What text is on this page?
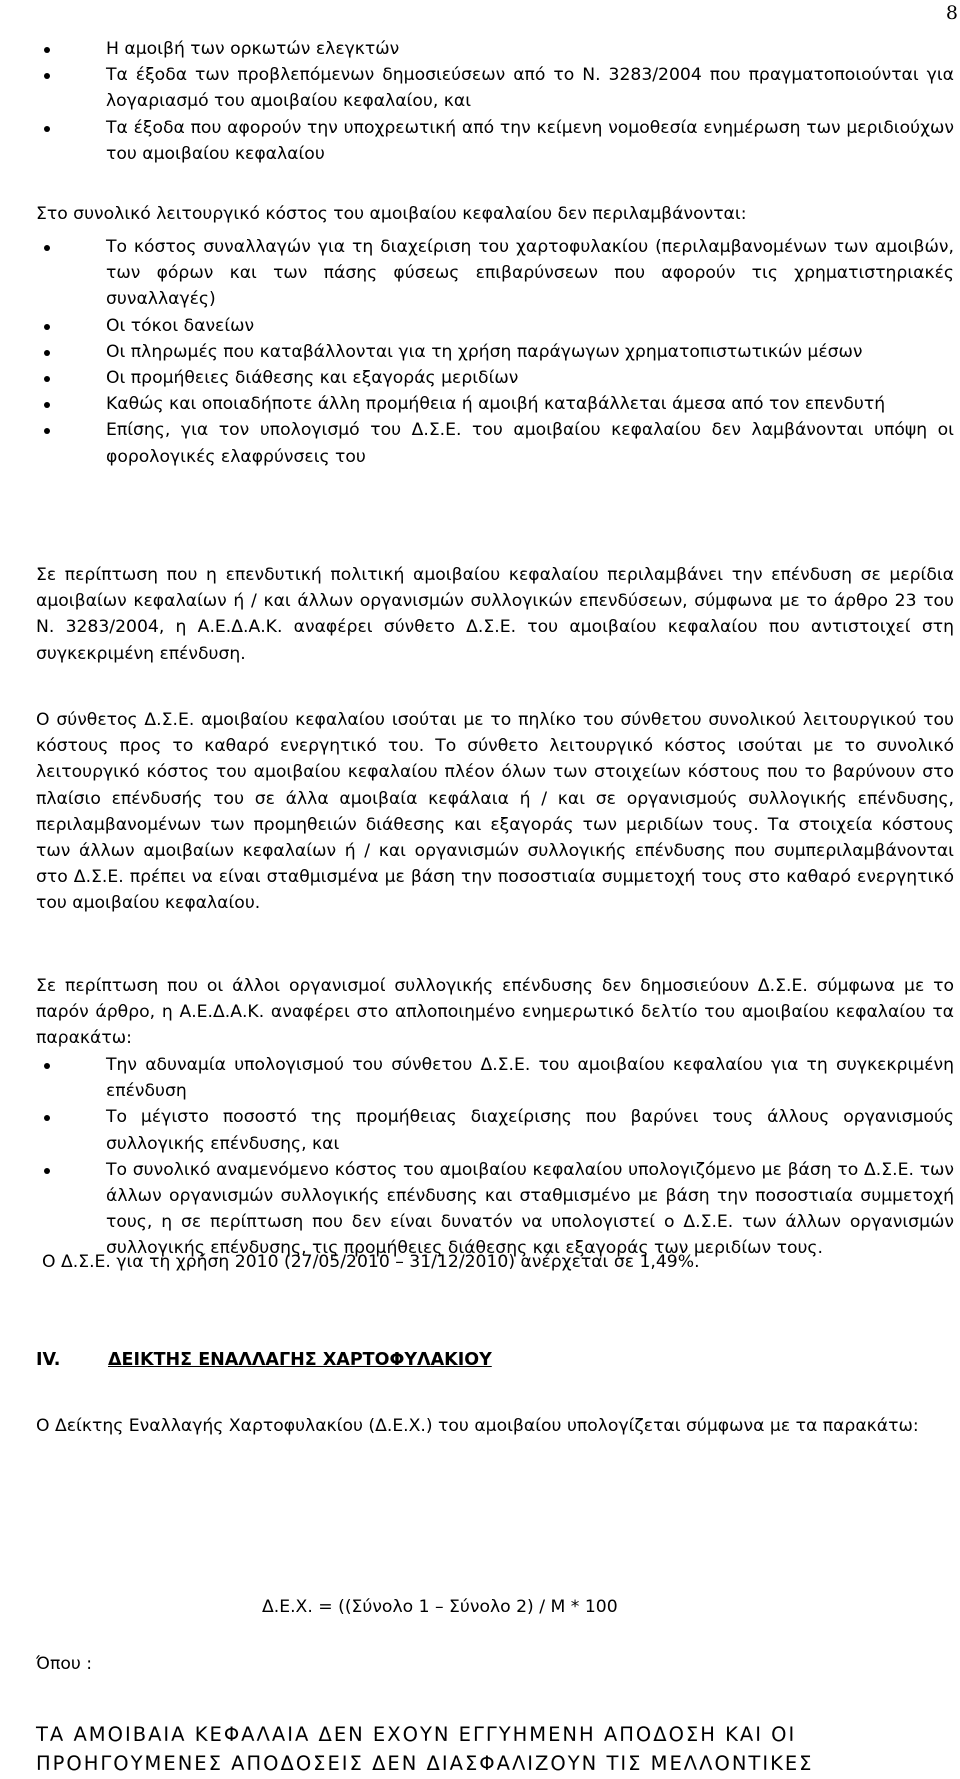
8
Η αμοιβή των ορκωτών ελεγκτών
Τα έξοδα των προβλεπόμενων δημοσιεύσεων από το Ν. 3283/2004 που πραγματοποιούνται για λογαριασμό του αμοιβαίου κεφαλαίου, και
Τα έξοδα που αφορούν την υποχρεωτική από την κείμενη νομοθεσία ενημέρωση των μεριδιούχων του αμοιβαίου κεφαλαίου
Στο συνολικό λειτουργικό κόστος του αμοιβαίου κεφαλαίου δεν περιλαμβάνονται:
Το κόστος συναλλαγών για τη διαχείριση του χαρτοφυλακίου (περιλαμβανομένων των αμοιβών, των φόρων και των πάσης φύσεως επιβαρύνσεων που αφορούν τις χρηματιστηριακές συναλλαγές)
Οι τόκοι δανείων
Οι πληρωμές που καταβάλλονται για τη χρήση παράγωγων χρηματοπιστωτικών μέσων
Οι προμήθειες διάθεσης και εξαγοράς μεριδίων
Καθώς και οποιαδήποτε άλλη προμήθεια ή αμοιβή καταβάλλεται άμεσα από τον επενδυτή
Επίσης, για τον υπολογισμό του Δ.Σ.Ε. του αμοιβαίου κεφαλαίου δεν λαμβάνονται υπόψη οι φορολογικές ελαφρύνσεις του
Σε περίπτωση που η επενδυτική πολιτική αμοιβαίου κεφαλαίου περιλαμβάνει την επένδυση σε μερίδια αμοιβαίων κεφαλαίων ή / και άλλων οργανισμών συλλογικών επενδύσεων, σύμφωνα με το άρθρο 23 του Ν. 3283/2004, η Α.Ε.Δ.Α.Κ. αναφέρει σύνθετο Δ.Σ.Ε. του αμοιβαίου κεφαλαίου που αντιστοιχεί στη συγκεκριμένη επένδυση.
Ο σύνθετος Δ.Σ.Ε. αμοιβαίου κεφαλαίου ισούται με το πηλίκο του σύνθετου συνολικού λειτουργικού του κόστους προς το καθαρό ενεργητικό του. Το σύνθετο λειτουργικό κόστος ισούται με το συνολικό λειτουργικό κόστος του αμοιβαίου κεφαλαίου πλέον όλων των στοιχείων κόστους που το βαρύνουν στο πλαίσιο επένδυσής του σε άλλα αμοιβαία κεφάλαια ή / και σε οργανισμούς συλλογικής επένδυσης, περιλαμβανομένων των προμηθειών διάθεσης και εξαγοράς των μεριδίων τους. Τα στοιχεία κόστους των άλλων αμοιβαίων κεφαλαίων ή / και οργανισμών συλλογικής επένδυσης που συμπεριλαμβάνονται στο Δ.Σ.Ε. πρέπει να είναι σταθμισμένα με βάση την ποσοστιαία συμμετοχή τους στο καθαρό ενεργητικό του αμοιβαίου κεφαλαίου.
Σε περίπτωση που οι άλλοι οργανισμοί συλλογικής επένδυσης δεν δημοσιεύουν Δ.Σ.Ε. σύμφωνα με το παρόν άρθρο, η Α.Ε.Δ.Α.Κ. αναφέρει στο απλοποιημένο ενημερωτικό δελτίο του αμοιβαίου κεφαλαίου τα παρακάτω:
Την αδυναμία υπολογισμού του σύνθετου Δ.Σ.Ε. του αμοιβαίου κεφαλαίου για τη συγκεκριμένη επένδυση
Το μέγιστο ποσοστό της προμήθειας διαχείρισης που βαρύνει τους άλλους οργανισμούς συλλογικής επένδυσης, και
Το συνολικό αναμενόμενο κόστος του αμοιβαίου κεφαλαίου υπολογιζόμενο με βάση το Δ.Σ.Ε. των άλλων οργανισμών συλλογικής επένδυσης και σταθμισμένο με βάση την ποσοστιαία συμμετοχή τους, η σε περίπτωση που δεν είναι δυνατόν να υπολογιστεί ο Δ.Σ.Ε. των άλλων οργανισμών συλλογικής επένδυσης, τις προμήθειες διάθεσης και εξαγοράς των μεριδίων τους.
Ο Δ.Σ.Ε. για τη χρήση 2010 (27/05/2010 – 31/12/2010) ανέρχεται σε 1,49%.
IV.	ΔΕΙΚΤΗΣ ΕΝΑΛΛΑΓΗΣ ΧΑΡΤΟΦΥΛΑΚΙΟΥ
Ο Δείκτης Εναλλαγής Χαρτοφυλακίου (Δ.Ε.Χ.) του αμοιβαίου υπολογίζεται σύμφωνα με τα παρακάτω:
Δ.Ε.Χ. = ((Σύνολο 1 – Σύνολο 2) / Μ * 100
Όπου :
ΤΑ ΑΜΟΙΒΑΙΑ ΚΕΦΑΛΑΙΑ ΔΕΝ ΕΧΟΥΝ ΕΓΓΥΗΜΕΝΗ ΑΠΟΔΟΣΗ ΚΑΙ ΟΙ ΠΡΟΗΓΟΥΜΕΝΕΣ ΑΠΟΔΟΣΕΙΣ ΔΕΝ ΔΙΑΣΦΑΛΙΖΟΥΝ ΤΙΣ ΜΕΛΛΟΝΤΙΚΕΣ
